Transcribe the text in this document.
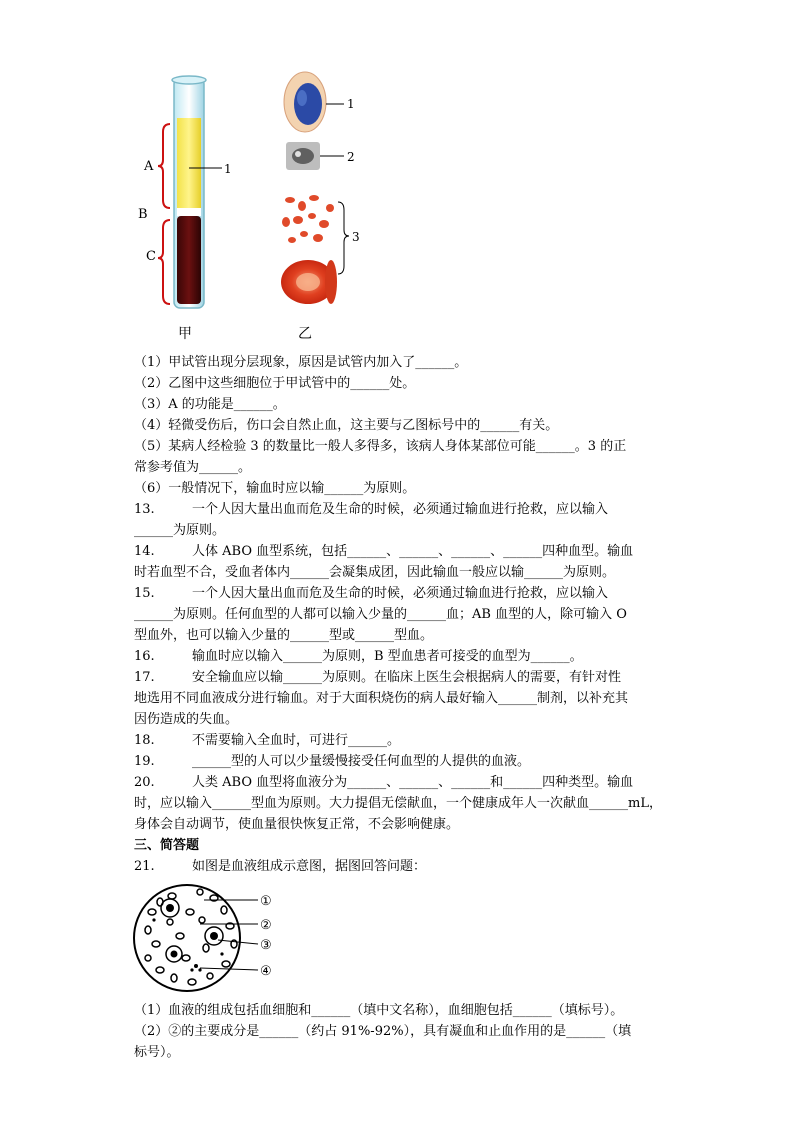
A
B
C
1
甲
1
2
3
乙
（1）甲试管出现分层现象，原因是试管内加入了______。
（2）乙图中这些细胞位于甲试管中的______处。
（3）A 的功能是______。
（4）轻微受伤后，伤口会自然止血，这主要与乙图标号中的______有关。
（5）某病人经检验 3 的数量比一般人多得多，该病人身体某部位可能______。3 的正
常参考值为______。
（6）一般情况下，输血时应以输______为原则。
13.	一个人因大量出血而危及生命的时候，必须通过输血进行抢救，应以输入
______为原则。
14.	人体 ABO 血型系统，包括______、______、______、______四种血型。输血
时若血型不合，受血者体内______会凝集成团，因此输血一般应以输______为原则。
15.	一个人因大量出血而危及生命的时候，必须通过输血进行抢救，应以输入
______为原则。任何血型的人都可以输入少量的______血；AB 血型的人，除可输入 O
型血外，也可以输入少量的______型或______型血。
16.	输血时应以输入______为原则，B 型血患者可接受的血型为______。
17.	安全输血应以输______为原则。在临床上医生会根据病人的需要，有针对性
地选用不同血液成分进行输血。对于大面积烧伤的病人最好输入______制剂，以补充其
因伤造成的失血。
18.	不需要输入全血时，可进行______。
19.	______型的人可以少量缓慢接受任何血型的人提供的血液。
20.	人类 ABO 血型将血液分为______、______、______和______四种类型。输血
时，应以输入______型血为原则。大力提倡无偿献血，一个健康成年人一次献血______mL，
身体会自动调节，使血量很快恢复正常，不会影响健康。
三、简答题
21.	如图是血液组成示意图，据图回答问题：
①
②
③
④
（1）血液的组成包括血细胞和______（填中文名称），血细胞包括______（填标号）。
（2）②的主要成分是______（约占 91%-92%），具有凝血和止血作用的是______（填
标号）。
